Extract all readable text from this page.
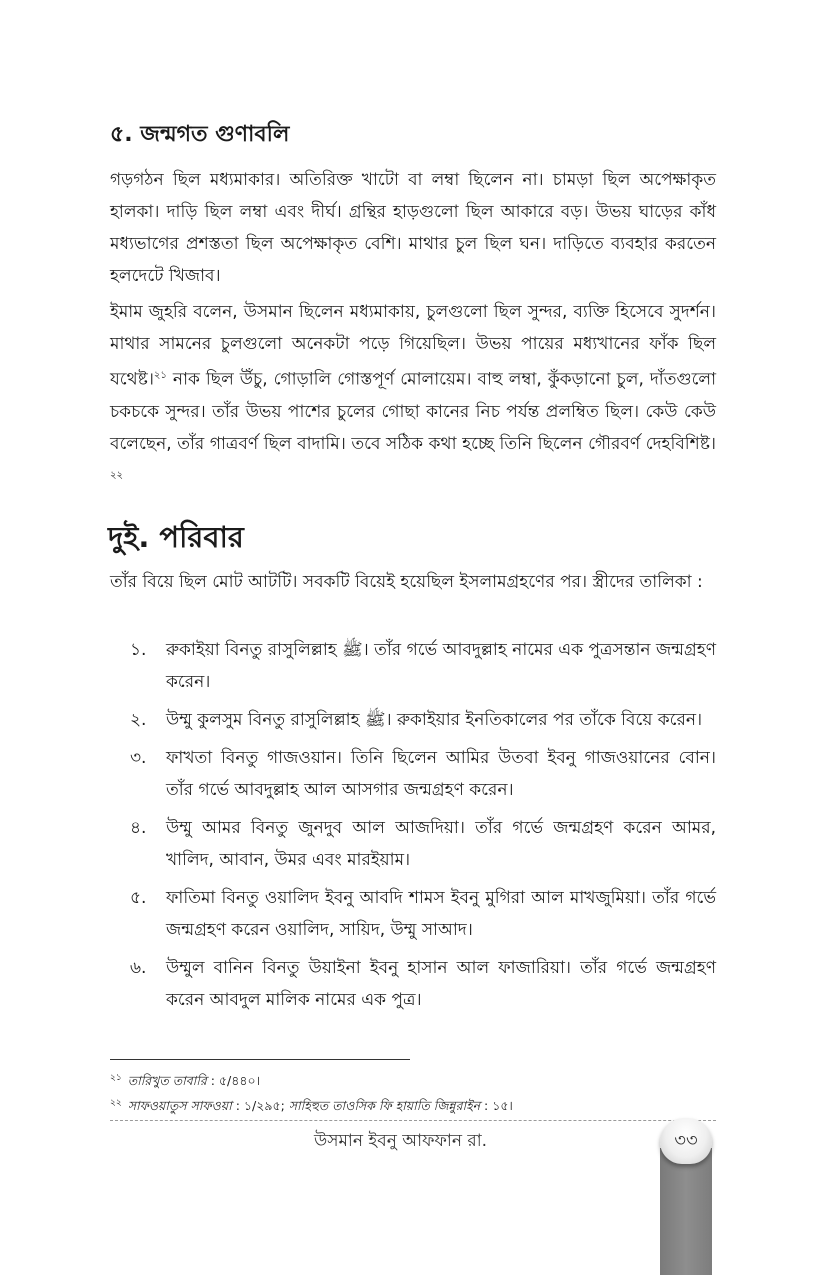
৫. জন্মগত গুণাবলি

গড়গঠন ছিল মধ্যমাকার। অতিরিক্ত খাটো বা লম্বা ছিলেন না। চামড়া ছিল অপেক্ষাকৃত হালকা। দাড়ি ছিল লম্বা এবং দীর্ঘ। গ্রন্থির হাড়গুলো ছিল আকারে বড়। উভয় ঘাড়ের কাঁধ মধ্যভাগের প্রশস্ততা ছিল অপেক্ষাকৃত বেশি। মাথার চুল ছিল ঘন। দাড়িতে ব্যবহার করতেন হলদেটে খিজাব।

ইমাম জুহরি বলেন, উসমান ছিলেন মধ্যমাকায়, চুলগুলো ছিল সুন্দর, ব্যক্তি হিসেবে সুদর্শন। মাথার সামনের চুলগুলো অনেকটা পড়ে গিয়েছিল। উভয় পায়ের মধ্যখানের ফাঁক ছিল যথেষ্ট।$^{২১}$ নাক ছিল উঁচু, গোড়ালি গোস্তপূর্ণ মোলায়েম। বাহু লম্বা, কুঁকড়ানো চুল, দাঁতগুলো চকচকে সুন্দর। তাঁর উভয় পাশের চুলের গোছা কানের নিচ পর্যন্ত প্রলম্বিত ছিল। কেউ কেউ বলেছেন, তাঁর গাত্রবর্ণ ছিল বাদামি। তবে সঠিক কথা হচ্ছে তিনি ছিলেন গৌরবর্ণ দেহবিশিষ্ট।$^{২২}$

দুই. পরিবার

তাঁর বিয়ে ছিল মোট আটটি। সবকটি বিয়েই হয়েছিল ইসলামগ্রহণের পর। স্ত্রীদের তালিকা :

১.	রুকাইয়া বিনতু রাসুলিল্লাহ ﷺ। তাঁর গর্ভে আবদুল্লাহ নামের এক পুত্রসন্তান জন্মগ্রহণ করেন।
২.	উম্মু কুলসুম বিনতু রাসুলিল্লাহ ﷺ। রুকাইয়ার ইনতিকালের পর তাঁকে বিয়ে করেন।
৩.	ফাখতা বিনতু গাজওয়ান। তিনি ছিলেন আমির উতবা ইবনু গাজওয়ানের বোন। তাঁর গর্ভে আবদুল্লাহ আল আসগার জন্মগ্রহণ করেন।
৪.	উম্মু আমর বিনতু জুনদুব আল আজদিয়া। তাঁর গর্ভে জন্মগ্রহণ করেন আমর, খালিদ, আবান, উমর এবং মারইয়াম।
৫.	ফাতিমা বিনতু ওয়ালিদ ইবনু আবদি শামস ইবনু মুগিরা আল মাখজুমিয়া। তাঁর গর্ভে জন্মগ্রহণ করেন ওয়ালিদ, সায়িদ, উম্মু সাআদ।
৬.	উম্মুল বানিন বিনতু উয়াইনা ইবনু হাসান আল ফাজারিয়া। তাঁর গর্ভে জন্মগ্রহণ করেন আবদুল মালিক নামের এক পুত্র।

$^{২১}$ তারিখুত তাবারি : ৫/৪৪০।

$^{২২}$ সাফওয়াতুস সাফওয়া : ১/২৯৫; সাহিহুত তাওসিক ফি হায়াতি জিন্নুরাইন : ১৫।

উসমান ইবনু আফফান রা.	৩৩
